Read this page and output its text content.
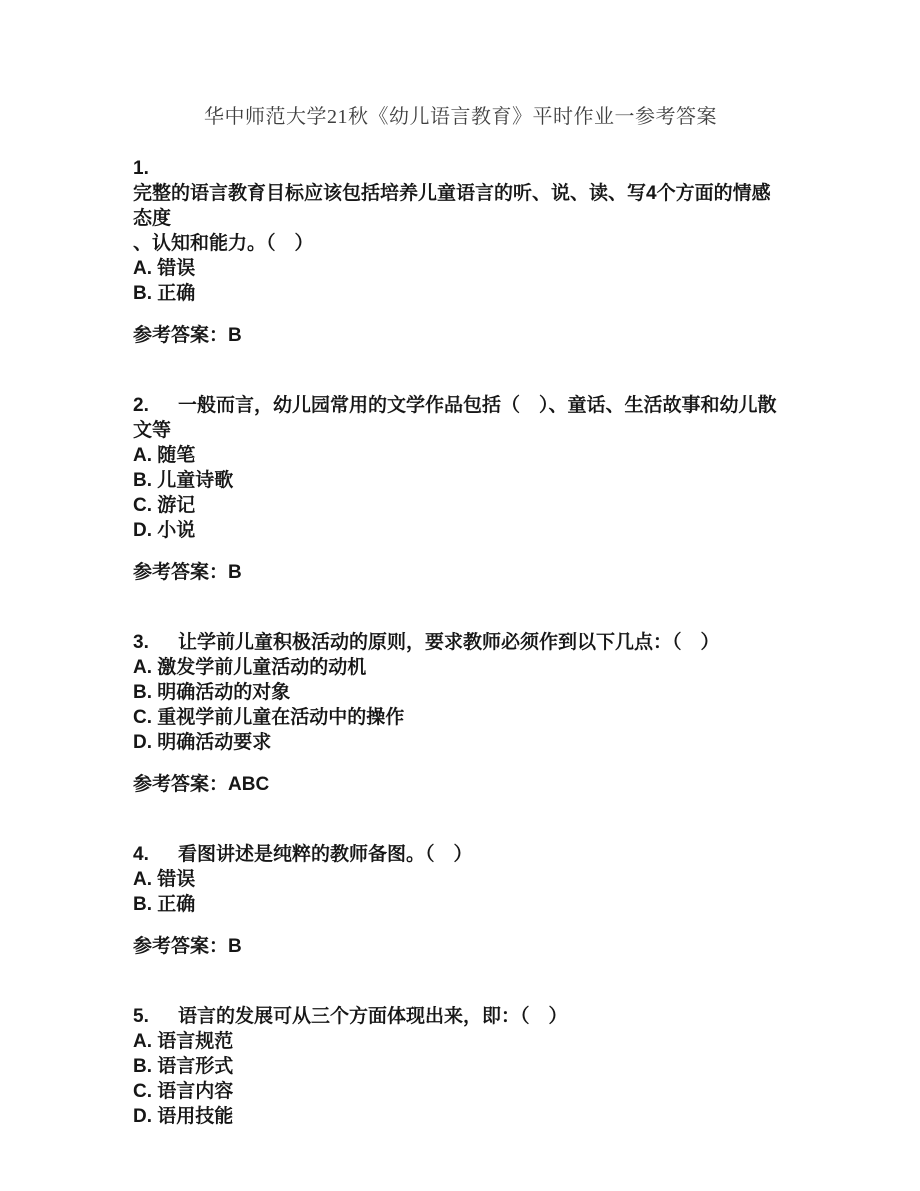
华中师范大学21秋《幼儿语言教育》平时作业一参考答案
1.
完整的语言教育目标应该包括培养儿童语言的听、说、读、写4个方面的情感态度
、认知和能力。（　）
A. 错误
B. 正确
参考答案：B
2. 一般而言，幼儿园常用的文学作品包括（　）、童话、生活故事和幼儿散文等
A. 随笔
B. 儿童诗歌
C. 游记
D. 小说
参考答案：B
3. 让学前儿童积极活动的原则，要求教师必须作到以下几点：（　）
A. 激发学前儿童活动的动机
B. 明确活动的对象
C. 重视学前儿童在活动中的操作
D. 明确活动要求
参考答案：ABC
4. 看图讲述是纯粹的教师备图。（　）
A. 错误
B. 正确
参考答案：B
5. 语言的发展可从三个方面体现出来，即：（　）
A. 语言规范
B. 语言形式
C. 语言内容
D. 语用技能
